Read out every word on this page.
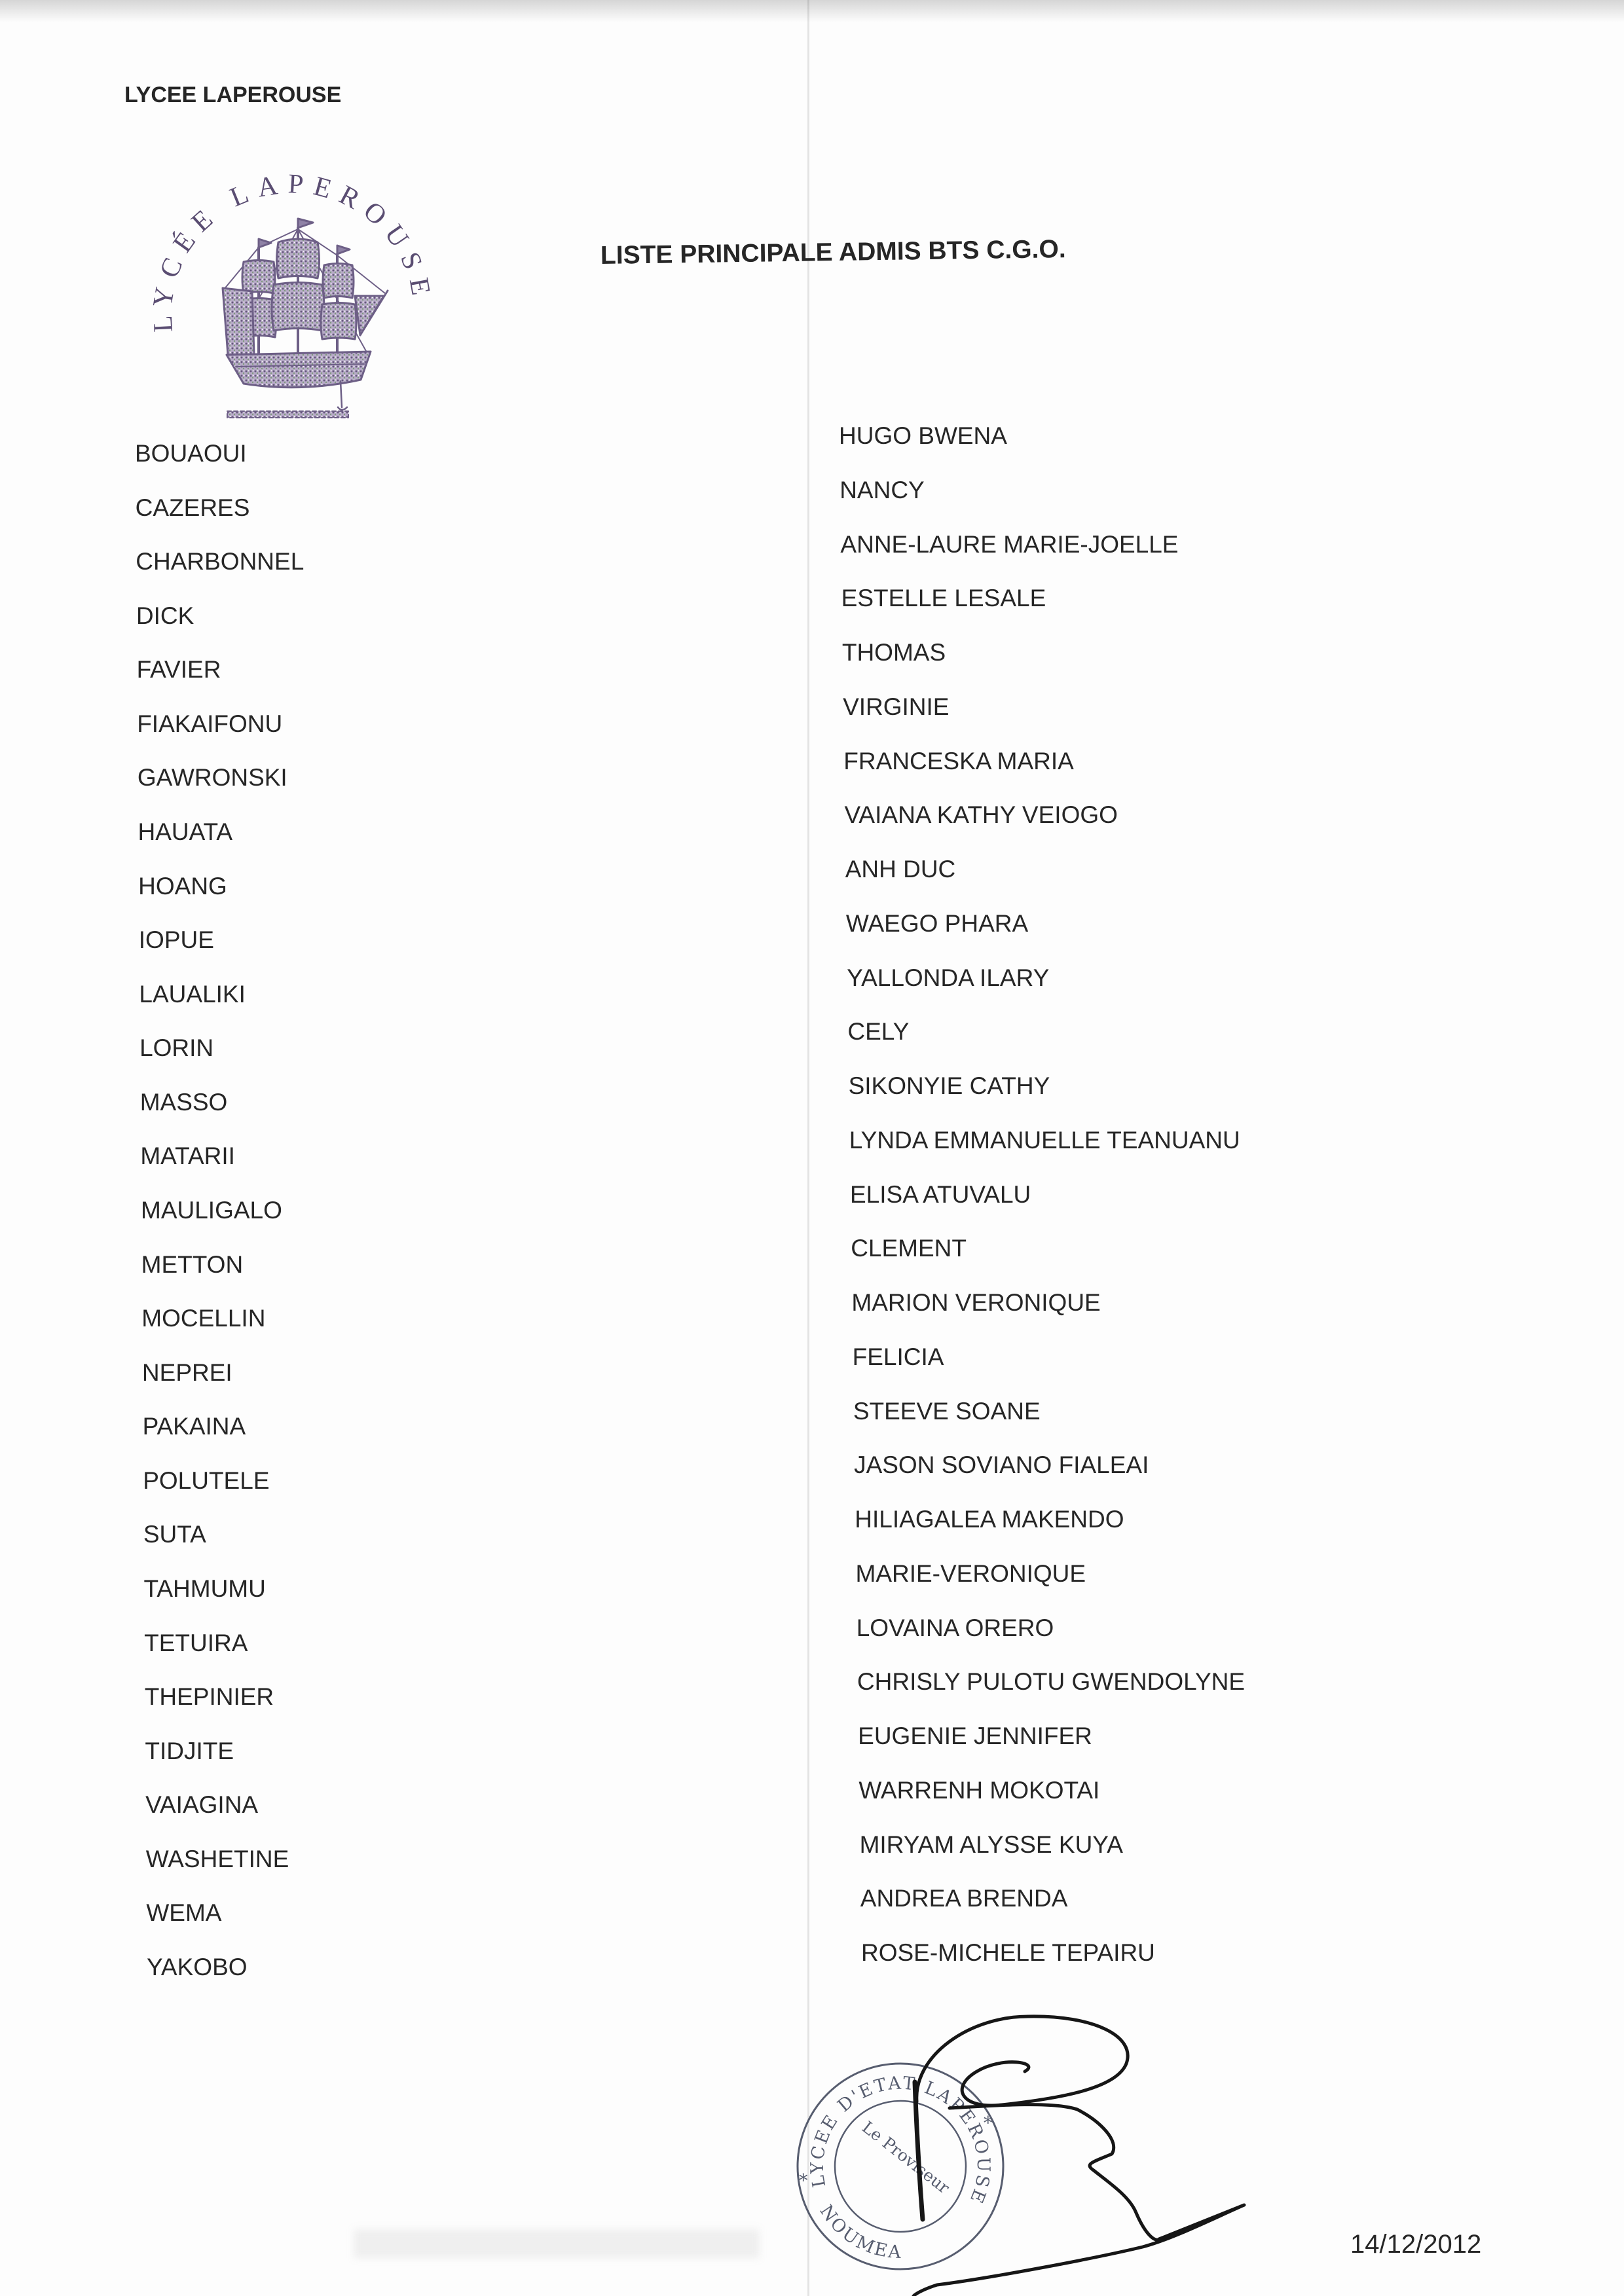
LYCEE LAPEROUSE
LYCÉE LAPEROUSE
LISTE PRINCIPALE ADMIS BTS C.G.O.
BOUAOUI
CAZERES
CHARBONNEL
DICK
FAVIER
FIAKAIFONU
GAWRONSKI
HAUATA
HOANG
IOPUE
LAUALIKI
LORIN
MASSO
MATARII
MAULIGALO
METTON
MOCELLIN
NEPREI
PAKAINA
POLUTELE
SUTA
TAHMUMU
TETUIRA
THEPINIER
TIDJITE
VAIAGINA
WASHETINE
WEMA
YAKOBO
HUGO BWENA
NANCY
ANNE-LAURE MARIE-JOELLE
ESTELLE LESALE
THOMAS
VIRGINIE
FRANCESKA MARIA
VAIANA KATHY VEIOGO
ANH DUC
WAEGO PHARA
YALLONDA ILARY
CELY
SIKONYIE CATHY
LYNDA EMMANUELLE TEANUANU
ELISA ATUVALU
CLEMENT
MARION VERONIQUE
FELICIA
STEEVE SOANE
JASON SOVIANO FIALEAI
HILIAGALEA MAKENDO
MARIE-VERONIQUE
LOVAINA ORERO
CHRISLY PULOTU GWENDOLYNE
EUGENIE JENNIFER
WARRENH MOKOTAI
MIRYAM ALYSSE KUYA
ANDREA BRENDA
ROSE-MICHELE TEPAIRU
LYCEE D'ETAT LAPEROUSE
NOUMEA
Le Proviseur
*
*
14/12/2012
